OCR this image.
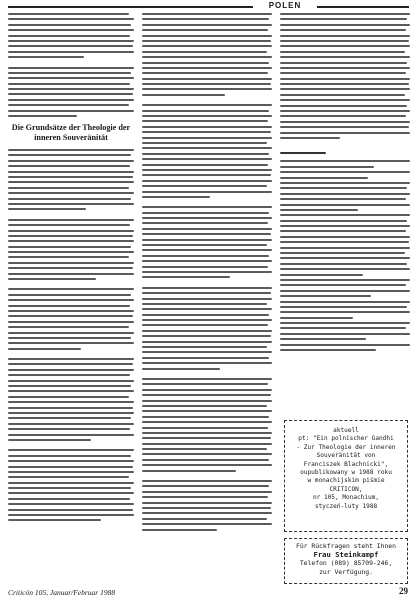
POLEN
Die Grundsätze der Theologie der
inneren Souveränität
aktuell
pt: "Ein polnischer Gandhi
- Zur Theologie der inneren
Souveränität von
Franciszek Blachnicki",
oupublikowany w 1988 roku
w monachijskim piśmie
CRITICON,
nr 105, Monachium,
styczeń-luty 1988
Für Rückfragen steht Ihnen
Frau Steinkampf
Telefon (089) 85709-246,
zur Verfügung.
Criticón 105, Januar/Februar 1988	29
